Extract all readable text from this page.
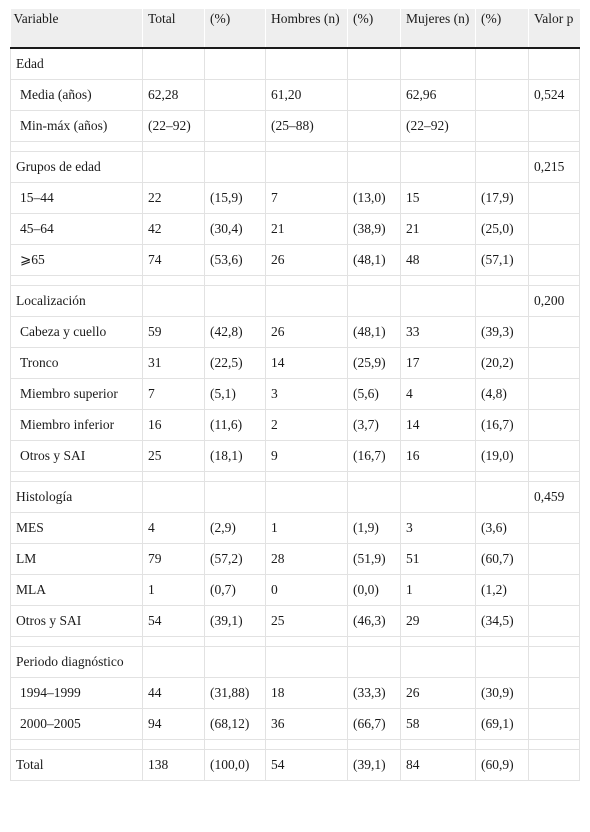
Variable	Total	(%)	Hombres (n)	(%)	Mujeres (n)	(%)	Valor p
Edad							
Media (años)	62,28		61,20		62,96		0,524
Min-máx (años)	(22–92)		(25–88)		(22–92)		

Grupos de edad							0,215
15–44	22	(15,9)	7	(13,0)	15	(17,9)	
45–64	42	(30,4)	21	(38,9)	21	(25,0)	
⩾65	74	(53,6)	26	(48,1)	48	(57,1)	

Localización							0,200
Cabeza y cuello	59	(42,8)	26	(48,1)	33	(39,3)	
Tronco	31	(22,5)	14	(25,9)	17	(20,2)	
Miembro superior	7	(5,1)	3	(5,6)	4	(4,8)	
Miembro inferior	16	(11,6)	2	(3,7)	14	(16,7)	
Otros y SAI	25	(18,1)	9	(16,7)	16	(19,0)	

Histología							0,459
MES	4	(2,9)	1	(1,9)	3	(3,6)	
LM	79	(57,2)	28	(51,9)	51	(60,7)	
MLA	1	(0,7)	0	(0,0)	1	(1,2)	
Otros y SAI	54	(39,1)	25	(46,3)	29	(34,5)	

Periodo diagnóstico							
1994–1999	44	(31,88)	18	(33,3)	26	(30,9)	
2000–2005	94	(68,12)	36	(66,7)	58	(69,1)	

Total	138	(100,0)	54	(39,1)	84	(60,9)	
